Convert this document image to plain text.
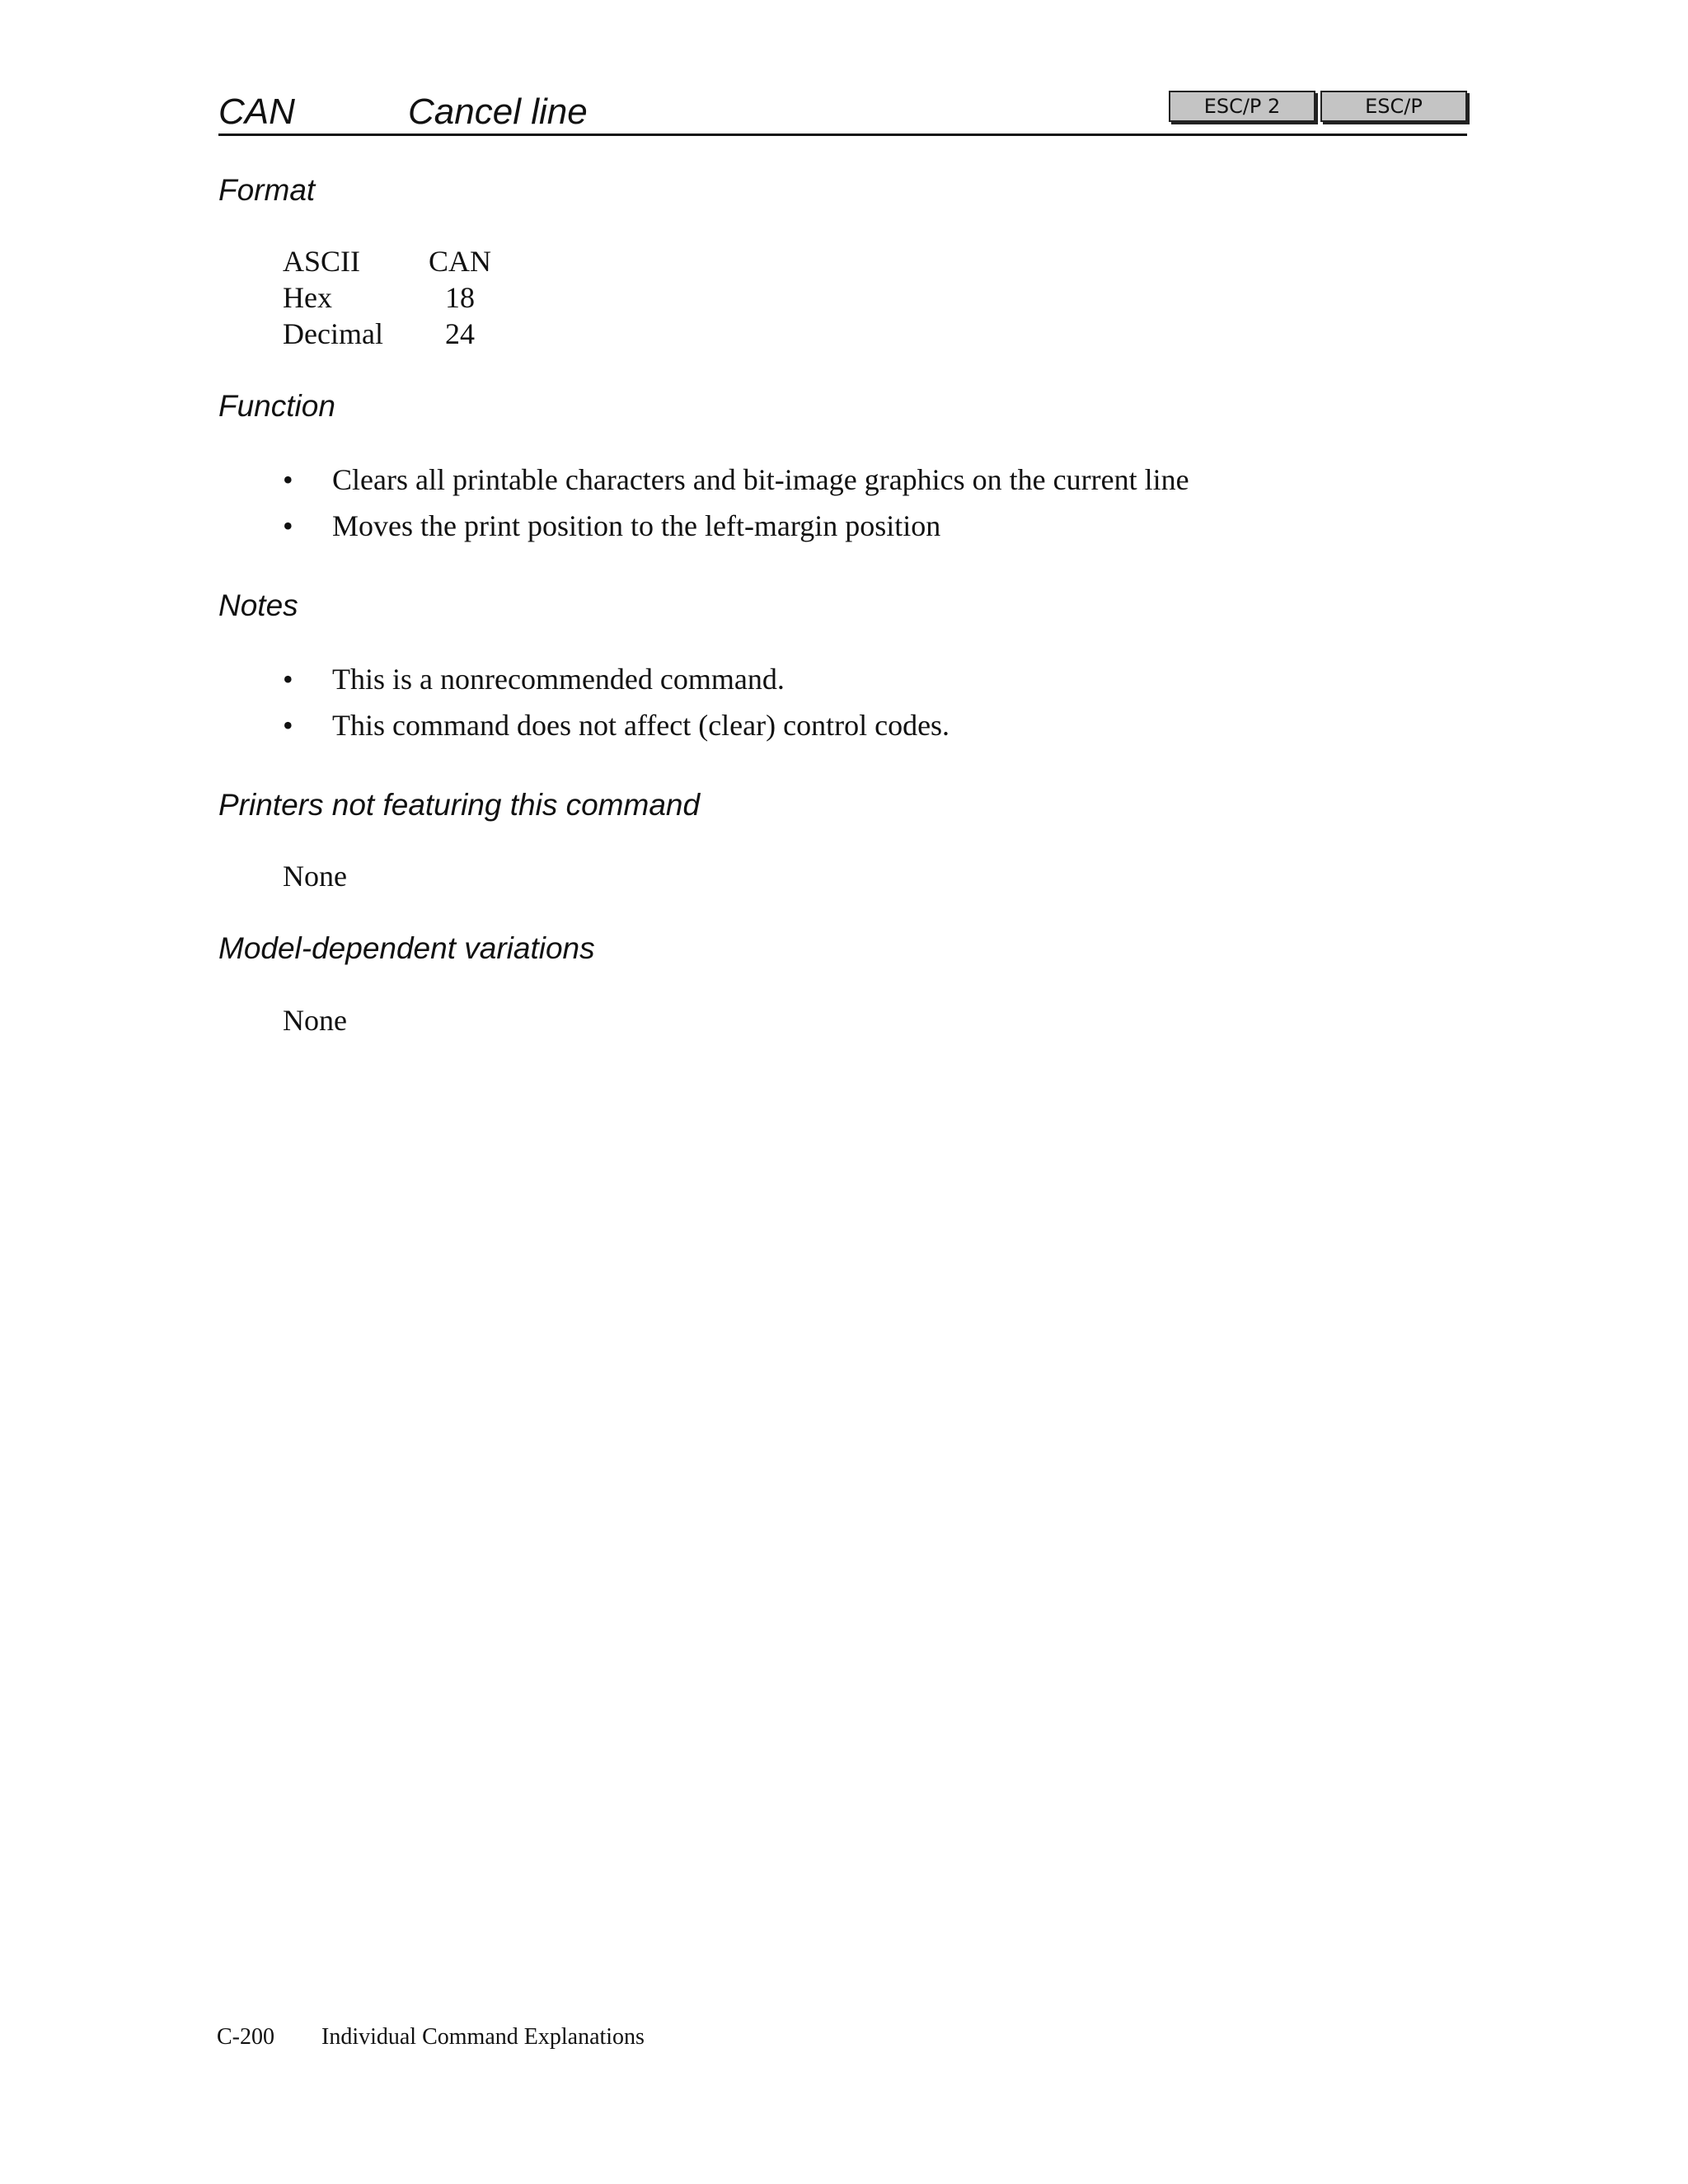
CAN	Cancel line	ESC/P 2	ESC/P
Format
ASCII	CAN
Hex	18
Decimal	24
Function
• Clears all printable characters and bit-image graphics on the current line
• Moves the print position to the left-margin position
Notes
• This is a nonrecommended command.
• This command does not affect (clear) control codes.
Printers not featuring this command
None
Model-dependent variations
None
C-200 Individual Command Explanations
